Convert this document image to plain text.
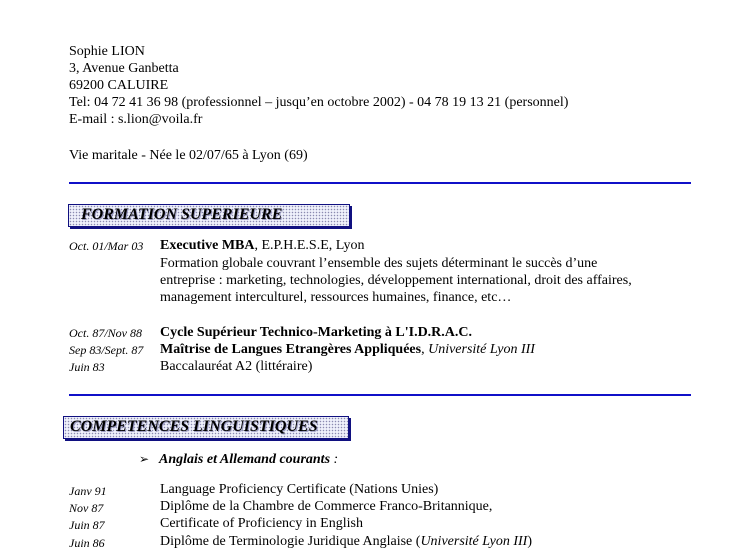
Sophie LION
3, Avenue Ganbetta
69200 CALUIRE
Tel: 04 72 41 36 98 (professionnel – jusqu’en octobre 2002) - 04 78 19 13 21 (personnel)
E-mail : s.lion@voila.fr
Vie maritale - Née le 02/07/65 à Lyon (69)
FORMATION SUPERIEURE
Oct. 01/Mar 03 Executive MBA, E.P.H.E.S.E, Lyon
Formation globale couvrant l’ensemble des sujets déterminant le succès d’une
entreprise : marketing, technologies, développement international, droit des affaires,
management interculturel, ressources humaines, finance, etc…
Oct. 87/Nov 88 Cycle Supérieur Technico-Marketing à L'I.D.R.A.C.
Sep 83/Sept. 87 Maîtrise de Langues Etrangères Appliquées, Université Lyon III
Juin 83	Baccalauréat A2 (littéraire)
COMPETENCES LINGUISTIQUES
➢ Anglais et Allemand courants :
Janv 91	Language Proficiency Certificate (Nations Unies)
Nov 87	Diplôme de la Chambre de Commerce Franco-Britannique,
Juin 87	Certificate of Proficiency in English
Juin 86	Diplôme de Terminologie Juridique Anglaise (Université Lyon III)
